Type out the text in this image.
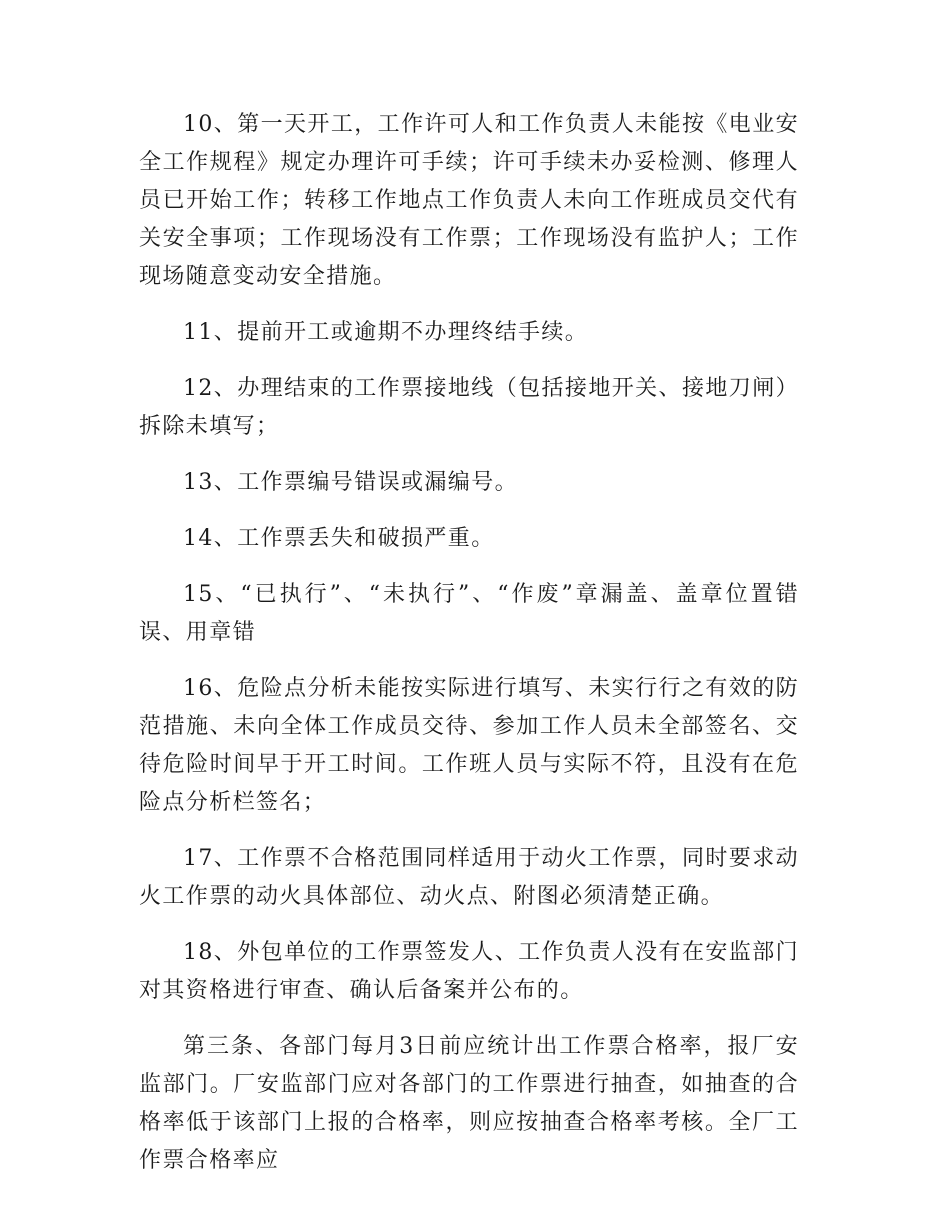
10、第一天开工，工作许可人和工作负责人未能按《电业安全工作规程》规定办理许可手续；许可手续未办妥检测、修理人员已开始工作；转移工作地点工作负责人未向工作班成员交代有关安全事项；工作现场没有工作票；工作现场没有监护人；工作现场随意变动安全措施。

11、提前开工或逾期不办理终结手续。

12、办理结束的工作票接地线（包括接地开关、接地刀闸）拆除未填写；

13、工作票编号错误或漏编号。

14、工作票丢失和破损严重。

15、“已执行”、“未执行”、“作废”章漏盖、盖章位置错误、用章错

16、危险点分析未能按实际进行填写、未实行行之有效的防范措施、未向全体工作成员交待、参加工作人员未全部签名、交待危险时间早于开工时间。工作班人员与实际不符，且没有在危险点分析栏签名；

17、工作票不合格范围同样适用于动火工作票，同时要求动火工作票的动火具体部位、动火点、附图必须清楚正确。

18、外包单位的工作票签发人、工作负责人没有在安监部门对其资格进行审查、确认后备案并公布的。

第三条、各部门每月3日前应统计出工作票合格率，报厂安监部门。厂安监部门应对各部门的工作票进行抽查，如抽查的合格率低于该部门上报的合格率，则应按抽查合格率考核。全厂工作票合格率应
